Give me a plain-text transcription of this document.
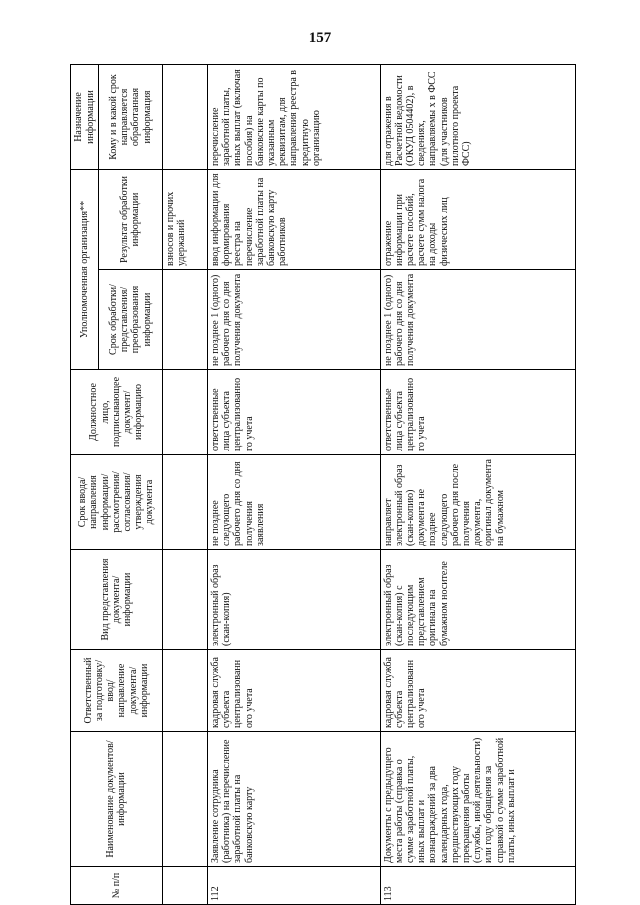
157
№ п/п	Наименование документов/информации	Ответственный за подготовку/ ввод/ направление документа/ информации	Вид представления документа/ информации	Срок ввода/ направления информации/ рассмотрения/ согласования/ утверждения документа	Должностное лицо, подписывающее документ/ информацию	Уполномоченная организация**		Назначение информации
						Срок обработки/ представления/ преобразования информации	Результат обработки информации	Кому и в какой срок направляется обработанная информация
							взносов и прочих удержаний	
112	Заявление сотрудника (работника) на перечисление заработной платы на банковскую карту	кадровая служба субъекта централизованн ого учета	электронный образ (скан-копия)	не позднее следующего рабочего дня со дня получения заявления	ответственные лица субъекта централизованно го учета	не позднее 1 (одного) рабочего дня со дня получения документа	ввод информации для формирования реестра на перечисление заработной платы на банковскую карту работников	перечисление заработной платы, иных выплат (включая пособия) на банковские карты по указанным реквизитам, для направления реестра в кредитную организацию
113	Документы с предыдущего места работы (справка о сумме заработной платы, иных выплат и вознаграждений за два календарных года, предшествующих году прекращения работы (службы, иной деятельности) или году обращения за справкой о сумме заработной платы, иных выплат и	кадровая служба субъекта централизованн ого учета	электронный образ (скан-копия) с последующим представлением оригинала на бумажном носителе	направляет электронный образ (скан-копию) документа не позднее следующего рабочего дня после получения документа, оригинал документа на бумажном	ответственные лица субъекта централизованно го учета	не позднее 1 (одного) рабочего дня со дня получения документа	отражение информации при расчете пособий, расчете сумм налога на доходы физических лиц	для отражения в Расчетной ведомости (ОКУД 0504402), в сведениях, направляемы х в ФСС (для участников пилотного проекта ФСС)
